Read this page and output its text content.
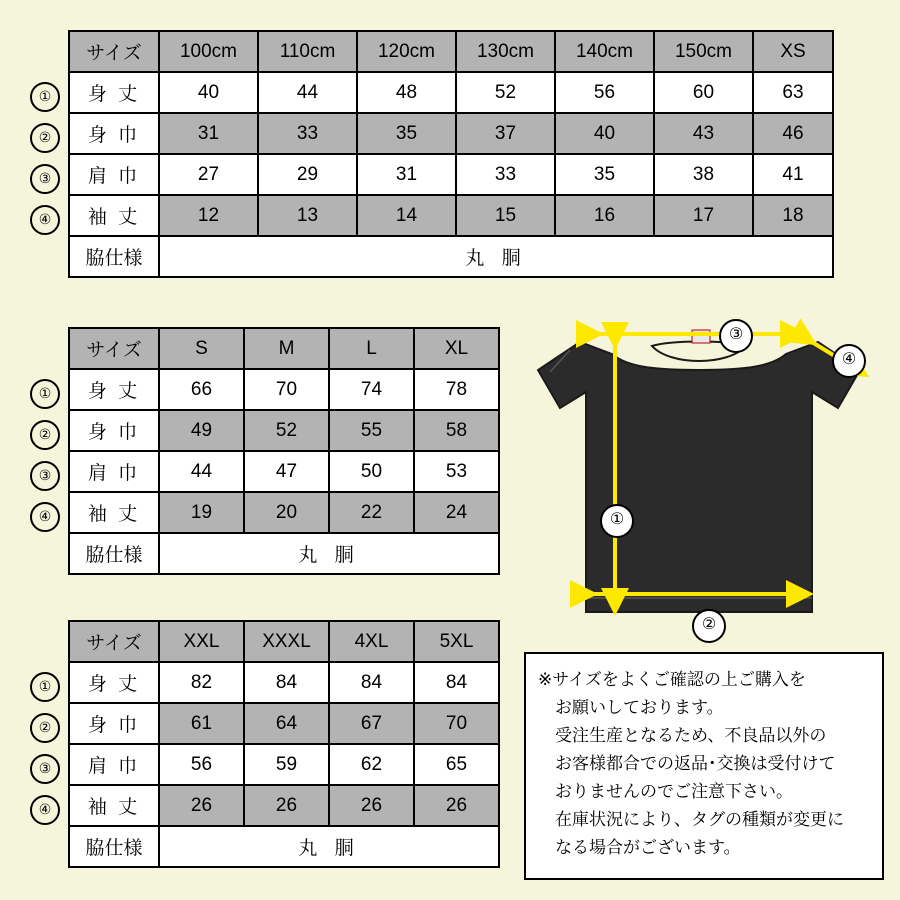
サイズ	100cm	110cm	120cm	130cm	140cm	150cm	XS
身 丈	40	44	48	52	56	60	63
身 巾	31	33	35	37	40	43	46
肩 巾	27	29	31	33	35	38	41
袖 丈	12	13	14	15	16	17	18
脇仕様	丸 胴						
①
②
③
④
サイズ	S	M	L	XL
身 丈	66	70	74	78
身 巾	49	52	55	58
肩 巾	44	47	50	53
袖 丈	19	20	22	24
脇仕様	丸 胴			
①
②
③
④
サイズ	XXL	XXXL	4XL	5XL
身 丈	82	84	84	84
身 巾	61	64	67	70
肩 巾	56	59	62	65
袖 丈	26	26	26	26
脇仕様	丸 胴			
①
②
③
④
③
④
①
②
※サイズをよくご確認の上ご購入を
お願いしております。
受注生産となるため、不良品以外の
お客様都合での返品･交換は受付けて
おりませんのでご注意下さい。
在庫状況により、タグの種類が変更に
なる場合がございます。
